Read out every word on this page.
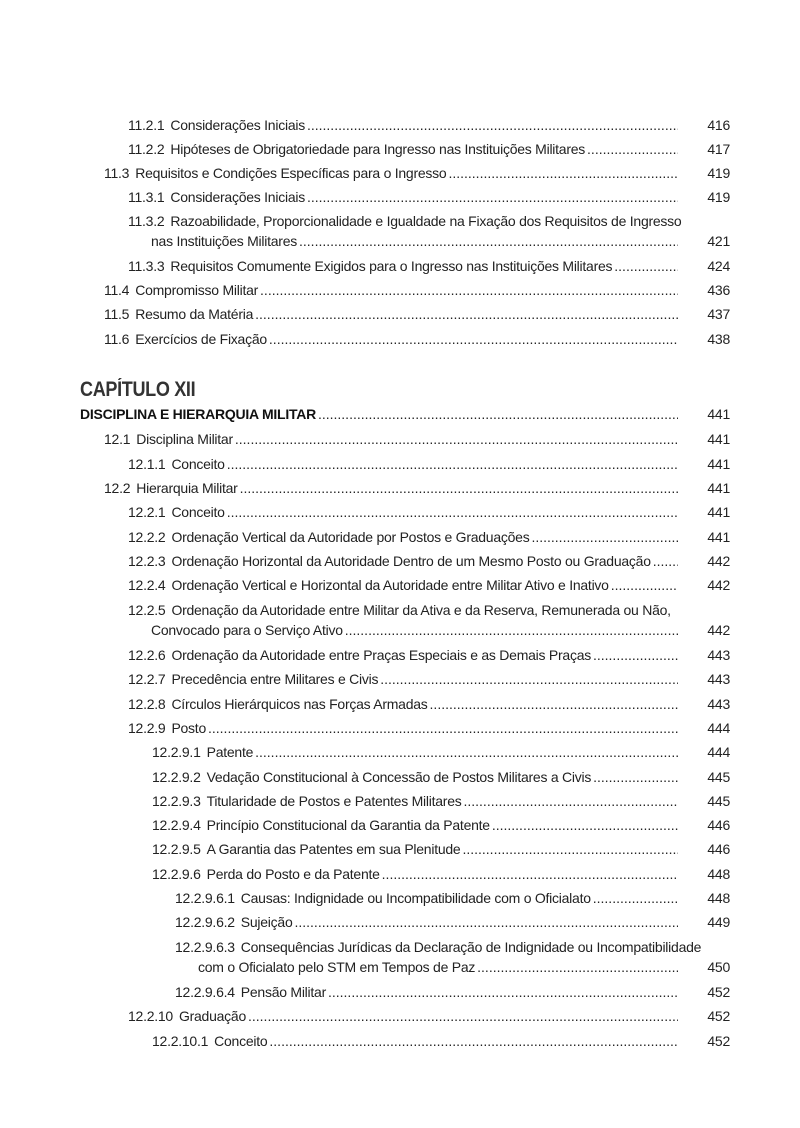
11.2.1 Considerações Iniciais .....	416
11.2.2 Hipóteses de Obrigatoriedade para Ingresso nas Instituições Militares .....	417
11.3 Requisitos e Condições Específicas para o Ingresso .....	419
11.3.1 Considerações Iniciais .....	419
11.3.2 Razoabilidade, Proporcionalidade e Igualdade na Fixação dos Requisitos de Ingresso
nas Instituições Militares .....	421
11.3.3 Requisitos Comumente Exigidos para o Ingresso nas Instituições Militares .....	424
11.4 Compromisso Militar .....	436
11.5 Resumo da Matéria .....	437
11.6 Exercícios de Fixação .....	438
CAPÍTULO XII
DISCIPLINA E HIERARQUIA MILITAR .....	441
12.1 Disciplina Militar .....	441
12.1.1 Conceito .....	441
12.2 Hierarquia Militar .....	441
12.2.1 Conceito .....	441
12.2.2 Ordenação Vertical da Autoridade por Postos e Graduações .....	441
12.2.3 Ordenação Horizontal da Autoridade Dentro de um Mesmo Posto ou Graduação .....	442
12.2.4 Ordenação Vertical e Horizontal da Autoridade entre Militar Ativo e Inativo .....	442
12.2.5 Ordenação da Autoridade entre Militar da Ativa e da Reserva, Remunerada ou Não,
Convocado para o Serviço Ativo .....	442
12.2.6 Ordenação da Autoridade entre Praças Especiais e as Demais Praças .....	443
12.2.7 Precedência entre Militares e Civis .....	443
12.2.8 Círculos Hierárquicos nas Forças Armadas .....	443
12.2.9 Posto .....	444
12.2.9.1 Patente .....	444
12.2.9.2 Vedação Constitucional à Concessão de Postos Militares a Civis .....	445
12.2.9.3 Titularidade de Postos e Patentes Militares .....	445
12.2.9.4 Princípio Constitucional da Garantia da Patente .....	446
12.2.9.5 A Garantia das Patentes em sua Plenitude .....	446
12.2.9.6 Perda do Posto e da Patente .....	448
12.2.9.6.1 Causas: Indignidade ou Incompatibilidade com o Oficialato .....	448
12.2.9.6.2 Sujeição .....	449
12.2.9.6.3 Consequências Jurídicas da Declaração de Indignidade ou Incompatibilidade
com o Oficialato pelo STM em Tempos de Paz .....	450
12.2.9.6.4 Pensão Militar .....	452
12.2.10 Graduação .....	452
12.2.10.1 Conceito .....	452
